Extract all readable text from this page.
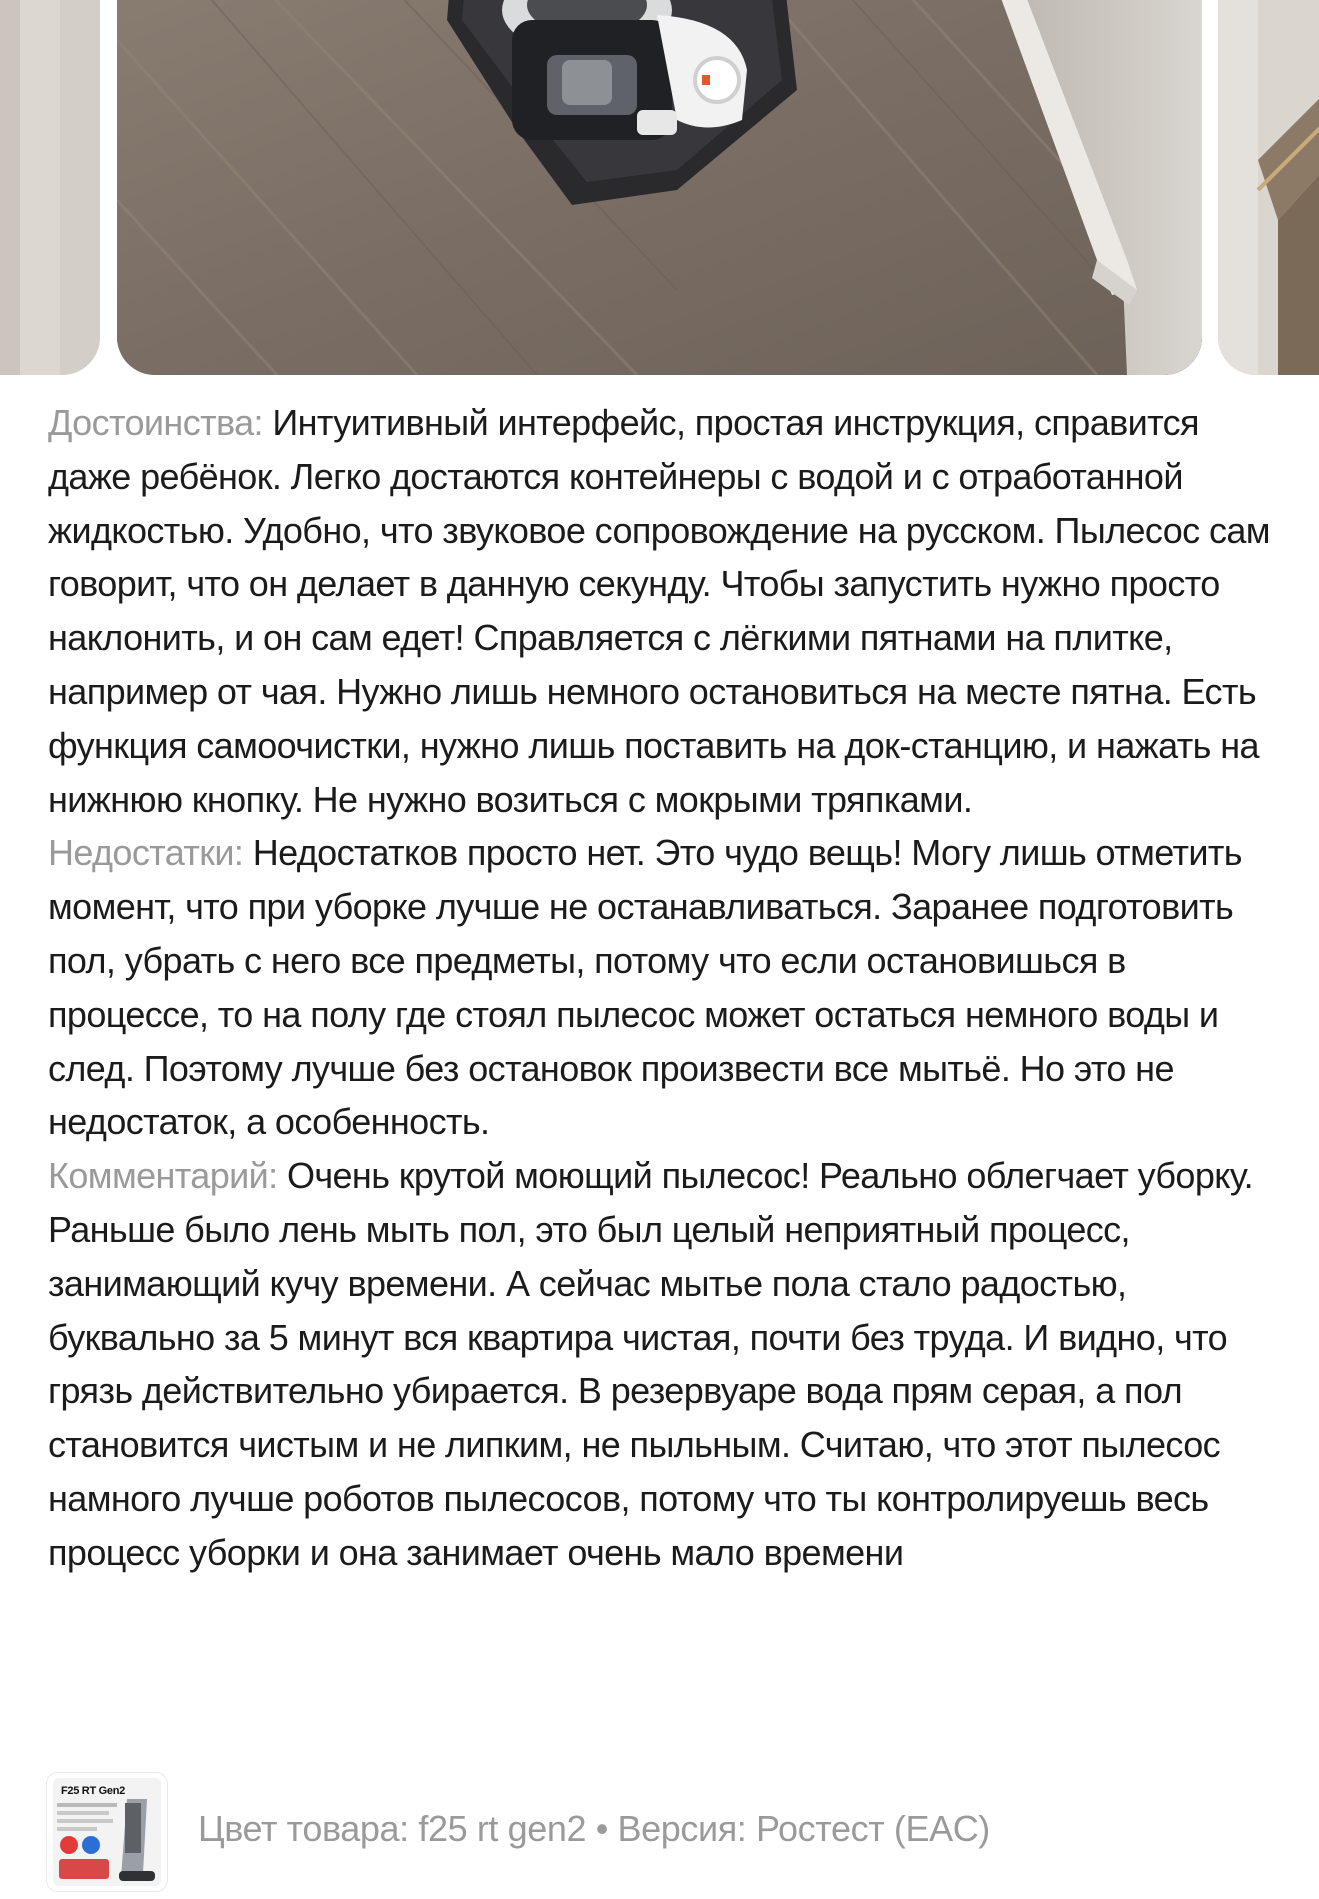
Достоинства: Интуитивный интерфейс, простая инструкция, справится даже ребёнок. Легко достаются контейнеры с водой и с отработанной жидкостью. Удобно, что звуковое сопровождение на русском. Пылесос сам говорит, что он делает в данную секунду. Чтобы запустить нужно просто наклонить, и он сам едет! Справляется с лёгкими пятнами на плитке, например от чая. Нужно лишь немного остановиться на месте пятна. Есть функция самоочистки, нужно лишь поставить на док-станцию, и нажать на нижнюю кнопку. Не нужно возиться с мокрыми тряпками.

Недостатки: Недостатков просто нет. Это чудо вещь! Могу лишь отметить момент, что при уборке лучше не останавливаться. Заранее подготовить пол, убрать с него все предметы, потому что если остановишься в процессе, то на полу где стоял пылесос может остаться немного воды и след. Поэтому лучше без остановок произвести все мытьё. Но это не недостаток, а особенность.

Комментарий: Очень крутой моющий пылесос! Реально облегчает уборку. Раньше было лень мыть пол, это был целый неприятный процесс, занимающий кучу времени. А сейчас мытье пола стало радостью, буквально за 5 минут вся квартира чистая, почти без труда. И видно, что грязь действительно убирается. В резервуаре вода прям серая, а пол становится чистым и не липким, не пыльным. Считаю, что этот пылесос намного лучше роботов пылесосов, потому что ты контролируешь весь процесс уборки и она занимает очень мало времени

F25 RT Gen2
Цвет товара: f25 rt gen2 • Версия: Ростест (EAC)
